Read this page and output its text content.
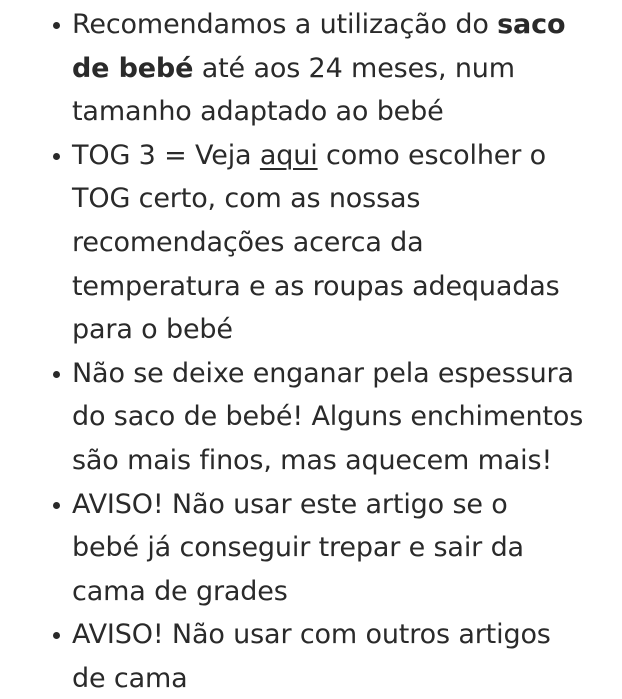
Recomendamos a utilização do saco
de bebé até aos 24 meses, num
tamanho adaptado ao bebé
TOG 3 = Veja aqui como escolher o
TOG certo, com as nossas
recomendações acerca da
temperatura e as roupas adequadas
para o bebé
Não se deixe enganar pela espessura
do saco de bebé! Alguns enchimentos
são mais finos, mas aquecem mais!
AVISO! Não usar este artigo se o
bebé já conseguir trepar e sair da
cama de grades
AVISO! Não usar com outros artigos
de cama
